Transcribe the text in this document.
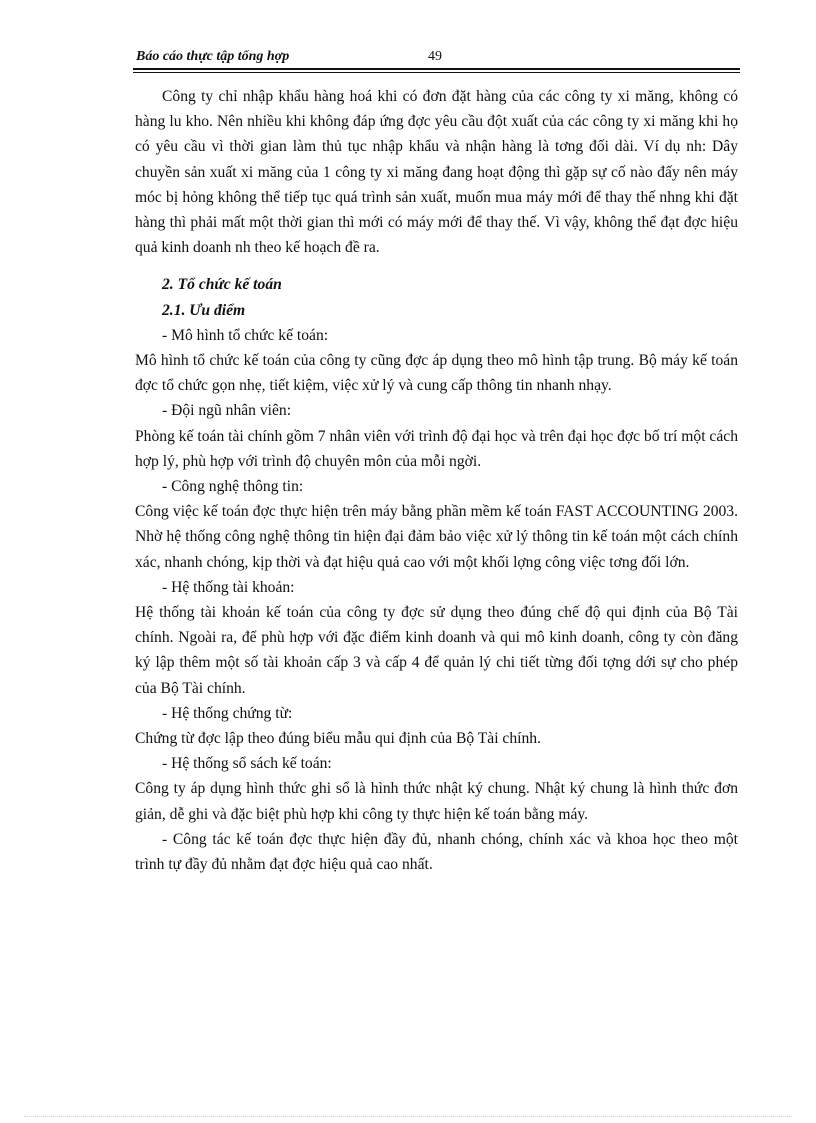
Báo cáo thực tập tổng hợp	49

Công ty chỉ nhập khẩu hàng hoá khi có đơn đặt hàng của các công ty xi măng, không có hàng lu kho. Nên nhiều khi không đáp ứng đợc yêu cầu đột xuất của các công ty xi măng khi họ có yêu cầu vì thời gian làm thủ tục nhập khẩu và nhận hàng là tơng đối dài. Ví dụ nh: Dây chuyền sản xuất xi măng của 1 công ty xi măng đang hoạt động thì gặp sự cố nào đấy nên máy móc bị hỏng không thể tiếp tục quá trình sản xuất, muốn mua máy mới để thay thế nhng khi đặt hàng thì phải mất một thời gian thì mới có máy mới để thay thế. Vì vậy, không thể đạt đợc hiệu quả kinh doanh nh theo kế hoạch đề ra.

2. Tổ chức kế toán

2.1. Ưu điểm

- Mô hình tổ chức kế toán:

Mô hình tổ chức kế toán của công ty cũng đợc áp dụng theo mô hình tập trung. Bộ máy kế toán đợc tổ chức gọn nhẹ, tiết kiệm, việc xử lý và cung cấp thông tin nhanh nhạy.

- Đội ngũ nhân viên:

Phòng kế toán tài chính gồm 7 nhân viên với trình độ đại học và trên đại học đợc bố trí một cách hợp lý, phù hợp với trình độ chuyên môn của mỗi ngời.

- Công nghệ thông tin:

Công việc kế toán đợc thực hiện trên máy bằng phần mềm kế toán FAST ACCOUNTING 2003. Nhờ hệ thống công nghệ thông tin hiện đại đảm bảo việc xử lý thông tin kế toán một cách chính xác, nhanh chóng, kịp thời và đạt hiệu quả cao với một khối lợng công việc tơng đối lớn.

- Hệ thống tài khoản:

Hệ thống tài khoản kế toán của công ty đợc sử dụng theo đúng chế độ qui định của Bộ Tài chính. Ngoài ra, để phù hợp với đặc điểm kinh doanh và qui mô kinh doanh, công ty còn đăng ký lập thêm một số tài khoản cấp 3 và cấp 4 để quản lý chi tiết từng đối tợng dới sự cho phép của Bộ Tài chính.

- Hệ thống chứng từ:

Chứng từ đợc lập theo đúng biểu mẫu qui định của Bộ Tài chính.

- Hệ thống sổ sách kế toán:

Công ty áp dụng hình thức ghi sổ là hình thức nhật ký chung. Nhật ký chung là hình thức đơn giản, dễ ghi và đặc biệt phù hợp khi công ty thực hiện kế toán bằng máy.

- Công tác kế toán đợc thực hiện đầy đủ, nhanh chóng, chính xác và khoa học theo một trình tự đầy đủ nhằm đạt đợc hiệu quả cao nhất.
